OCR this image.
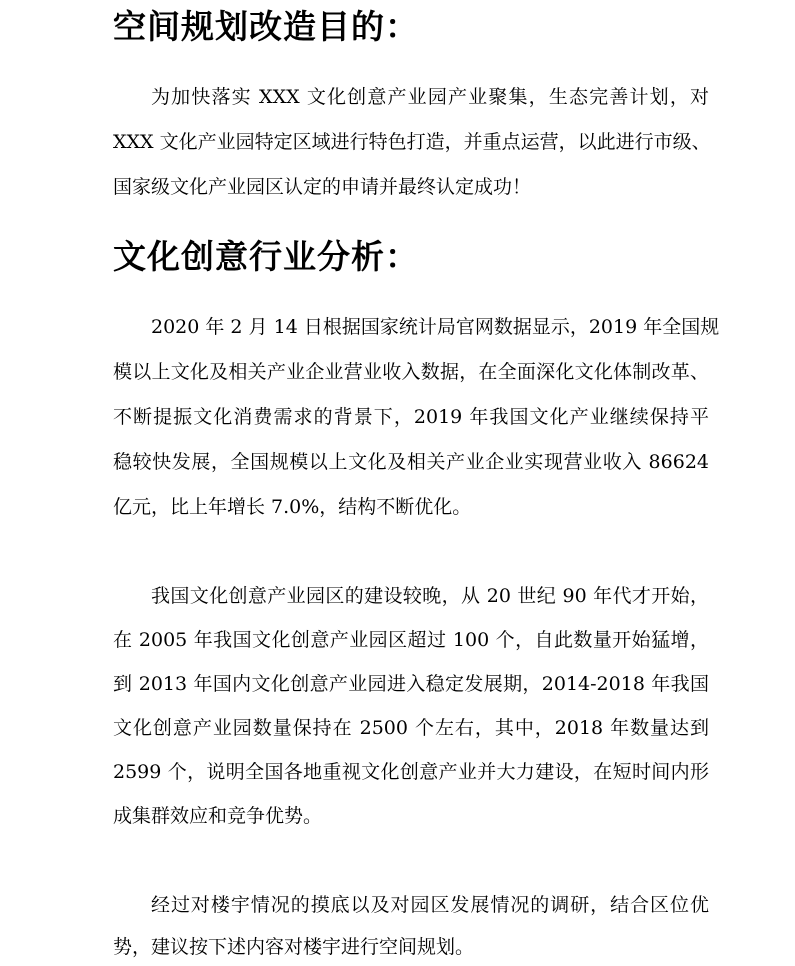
空间规划改造目的：
为加快落实 XXX 文化创意产业园产业聚集，生态完善计划，对
XXX 文化产业园特定区域进行特色打造，并重点运营，以此进行市级、
国家级文化产业园区认定的申请并最终认定成功！
文化创意行业分析：
2020 年 2 月 14 日根据国家统计局官网数据显示，2019 年全国规
模以上文化及相关产业企业营业收入数据，在全面深化文化体制改革、
不断提振文化消费需求的背景下，2019 年我国文化产业继续保持平
稳较快发展，全国规模以上文化及相关产业企业实现营业收入 86624
亿元，比上年增长 7.0%，结构不断优化。
我国文化创意产业园区的建设较晚，从 20 世纪 90 年代才开始，
在 2005 年我国文化创意产业园区超过 100 个，自此数量开始猛增，
到 2013 年国内文化创意产业园进入稳定发展期，2014-2018 年我国
文化创意产业园数量保持在 2500 个左右，其中，2018 年数量达到
2599 个，说明全国各地重视文化创意产业并大力建设，在短时间内形
成集群效应和竞争优势。
经过对楼宇情况的摸底以及对园区发展情况的调研，结合区位优
势，建议按下述内容对楼宇进行空间规划。
